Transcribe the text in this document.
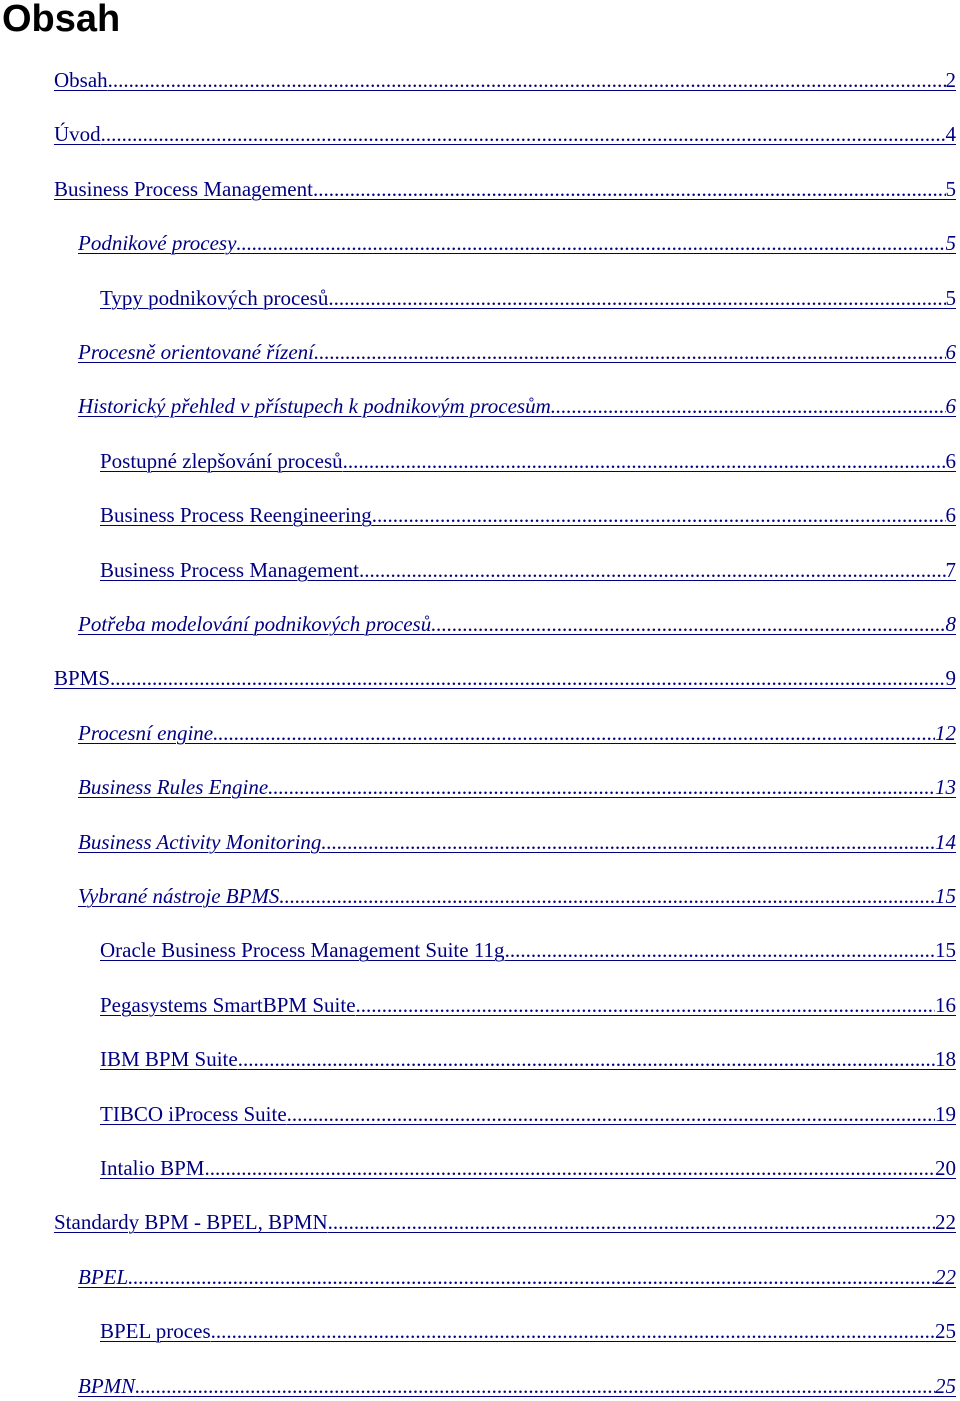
Obsah
Obsah .....	2
Úvod .....	4
Business Process Management .....	5
Podnikové procesy .....	5
Typy podnikových procesů .....	5
Procesně orientované řízení .....	6
Historický přehled v přístupech k podnikovým procesům .....	6
Postupné zlepšování procesů .....	6
Business Process Reengineering .....	6
Business Process Management .....	7
Potřeba modelování podnikových procesů .....	8
BPMS .....	9
Procesní engine .....	12
Business Rules Engine .....	13
Business Activity Monitoring .....	14
Vybrané nástroje BPMS .....	15
Oracle Business Process Management Suite 11g .....	15
Pegasystems SmartBPM Suite .....	16
IBM BPM Suite .....	18
TIBCO iProcess Suite .....	19
Intalio BPM .....	20
Standardy BPM - BPEL, BPMN .....	22
BPEL .....	22
BPEL proces .....	25
BPMN .....	25
